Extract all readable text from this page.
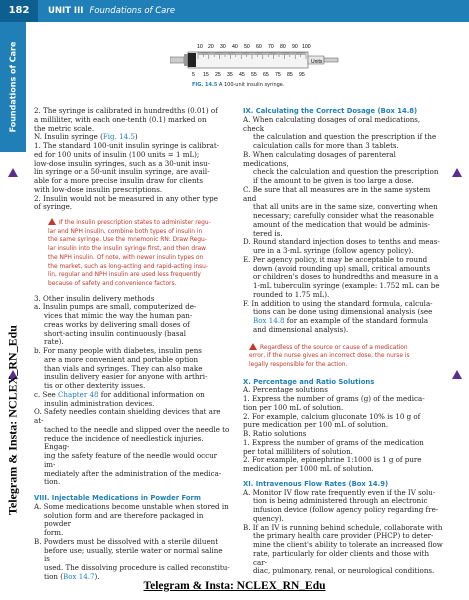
182	UNIT III Foundations of Care
Foundations of Care
Telegram & Insta: NCLEX_RN_Edu
10 20 30 40 50 60 70 80 90 100
Units
5 15 25 35 45 55 65 75 85 95
FIG. 14.5 A 100-unit insulin syringe.

2. The syringe is calibrated in hundredths (0.01) of

a milliliter, with each one-tenth (0.1) marked on

the metric scale.

N. Insulin syringe (Fig. 14.5)

1. The standard 100-unit insulin syringe is calibrat-

ed for 100 units of insulin (100 units = 1 mL);

low-dose insulin syringes, such as a 30-unit insu-

lin syringe or a 50-unit insulin syringe, are avail-

able for a more precise insulin draw for clients

with low-dose insulin prescriptions.

2. Insulin would not be measured in any other type

of syringe.

If the insulin prescription states to administer regu-

lar and NPH insulin, combine both types of insulin in

the same syringe. Use the mnemonic RN: Draw Regu-

lar insulin into the insulin syringe first, and then draw

the NPH insulin. Of note, with newer insulin types on

the market, such as long-acting and rapid-acting insu-

lin, regular and NPH insulin are used less frequently

because of safety and convenience factors.

3. Other insulin delivery methods

a. Insulin pumps are small, computerized de-

vices that mimic the way the human pan-

creas works by delivering small doses of

short-acting insulin continuously (basal

rate).

b. For many people with diabetes, insulin pens

are a more convenient and portable option

than vials and syringes. They can also make

insulin delivery easier for anyone with arthri-

tis or other dexterity issues.

c. See Chapter 48 for additional information on

insulin administration devices.

O. Safety needles contain shielding devices that are at-

tached to the needle and slipped over the needle to

reduce the incidence of needlestick injuries. Engag-

ing the safety feature of the needle would occur im-

mediately after the administration of the medica-

tion.

VIII. Injectable Medications in Powder Form

A. Some medications become unstable when stored in

solution form and are therefore packaged in powder

form.

B. Powders must be dissolved with a sterile diluent

before use; usually, sterile water or normal saline is

used. The dissolving procedure is called reconstitu-

tion (Box 14.7).

IX. Calculating the Correct Dosage (Box 14.8)

A. When calculating dosages of oral medications, check

the calculation and question the prescription if the

calculation calls for more than 3 tablets.

B. When calculating dosages of parenteral medications,

check the calculation and question the prescription

if the amount to be given is too large a dose.

C. Be sure that all measures are in the same system and

that all units are in the same size, converting when

necessary; carefully consider what the reasonable

amount of the medication that would be adminis-

tered is.

D. Round standard injection doses to tenths and meas-

ure in a 3-mL syringe (follow agency policy).

E. Per agency policy, it may be acceptable to round

down (avoid rounding up) small, critical amounts

or children's doses to hundredths and measure in a

1-mL tuberculin syringe (example: 1.752 mL can be

rounded to 1.75 mL).

F. In addition to using the standard formula, calcula-

tions can be done using dimensional analysis (see

Box 14.8 for an example of the standard formula

and dimensional analysis).

Regardless of the source or cause of a medication

error, if the nurse gives an incorrect dose, the nurse is

legally responsible for the action.

X. Percentage and Ratio Solutions

A. Percentage solutions

1. Express the number of grams (g) of the medica-

tion per 100 mL of solution.

2. For example, calcium gluconate 10% is 10 g of

pure medication per 100 mL of solution.

B. Ratio solutions

1. Express the number of grams of the medication

per total milliliters of solution.

2. For example, epinephrine 1:1000 is 1 g of pure

medication per 1000 mL of solution.

XI. Intravenous Flow Rates (Box 14.9)

A. Monitor IV flow rate frequently even if the IV solu-

tion is being administered through an electronic

infusion device (follow agency policy regarding fre-

quency).

B. If an IV is running behind schedule, collaborate with

the primary health care provider (PHCP) to deter-

mine the client's ability to tolerate an increased flow

rate, particularly for older clients and those with car-

diac, pulmonary, renal, or neurological conditions.

Telegram & Insta: NCLEX_RN_Edu
